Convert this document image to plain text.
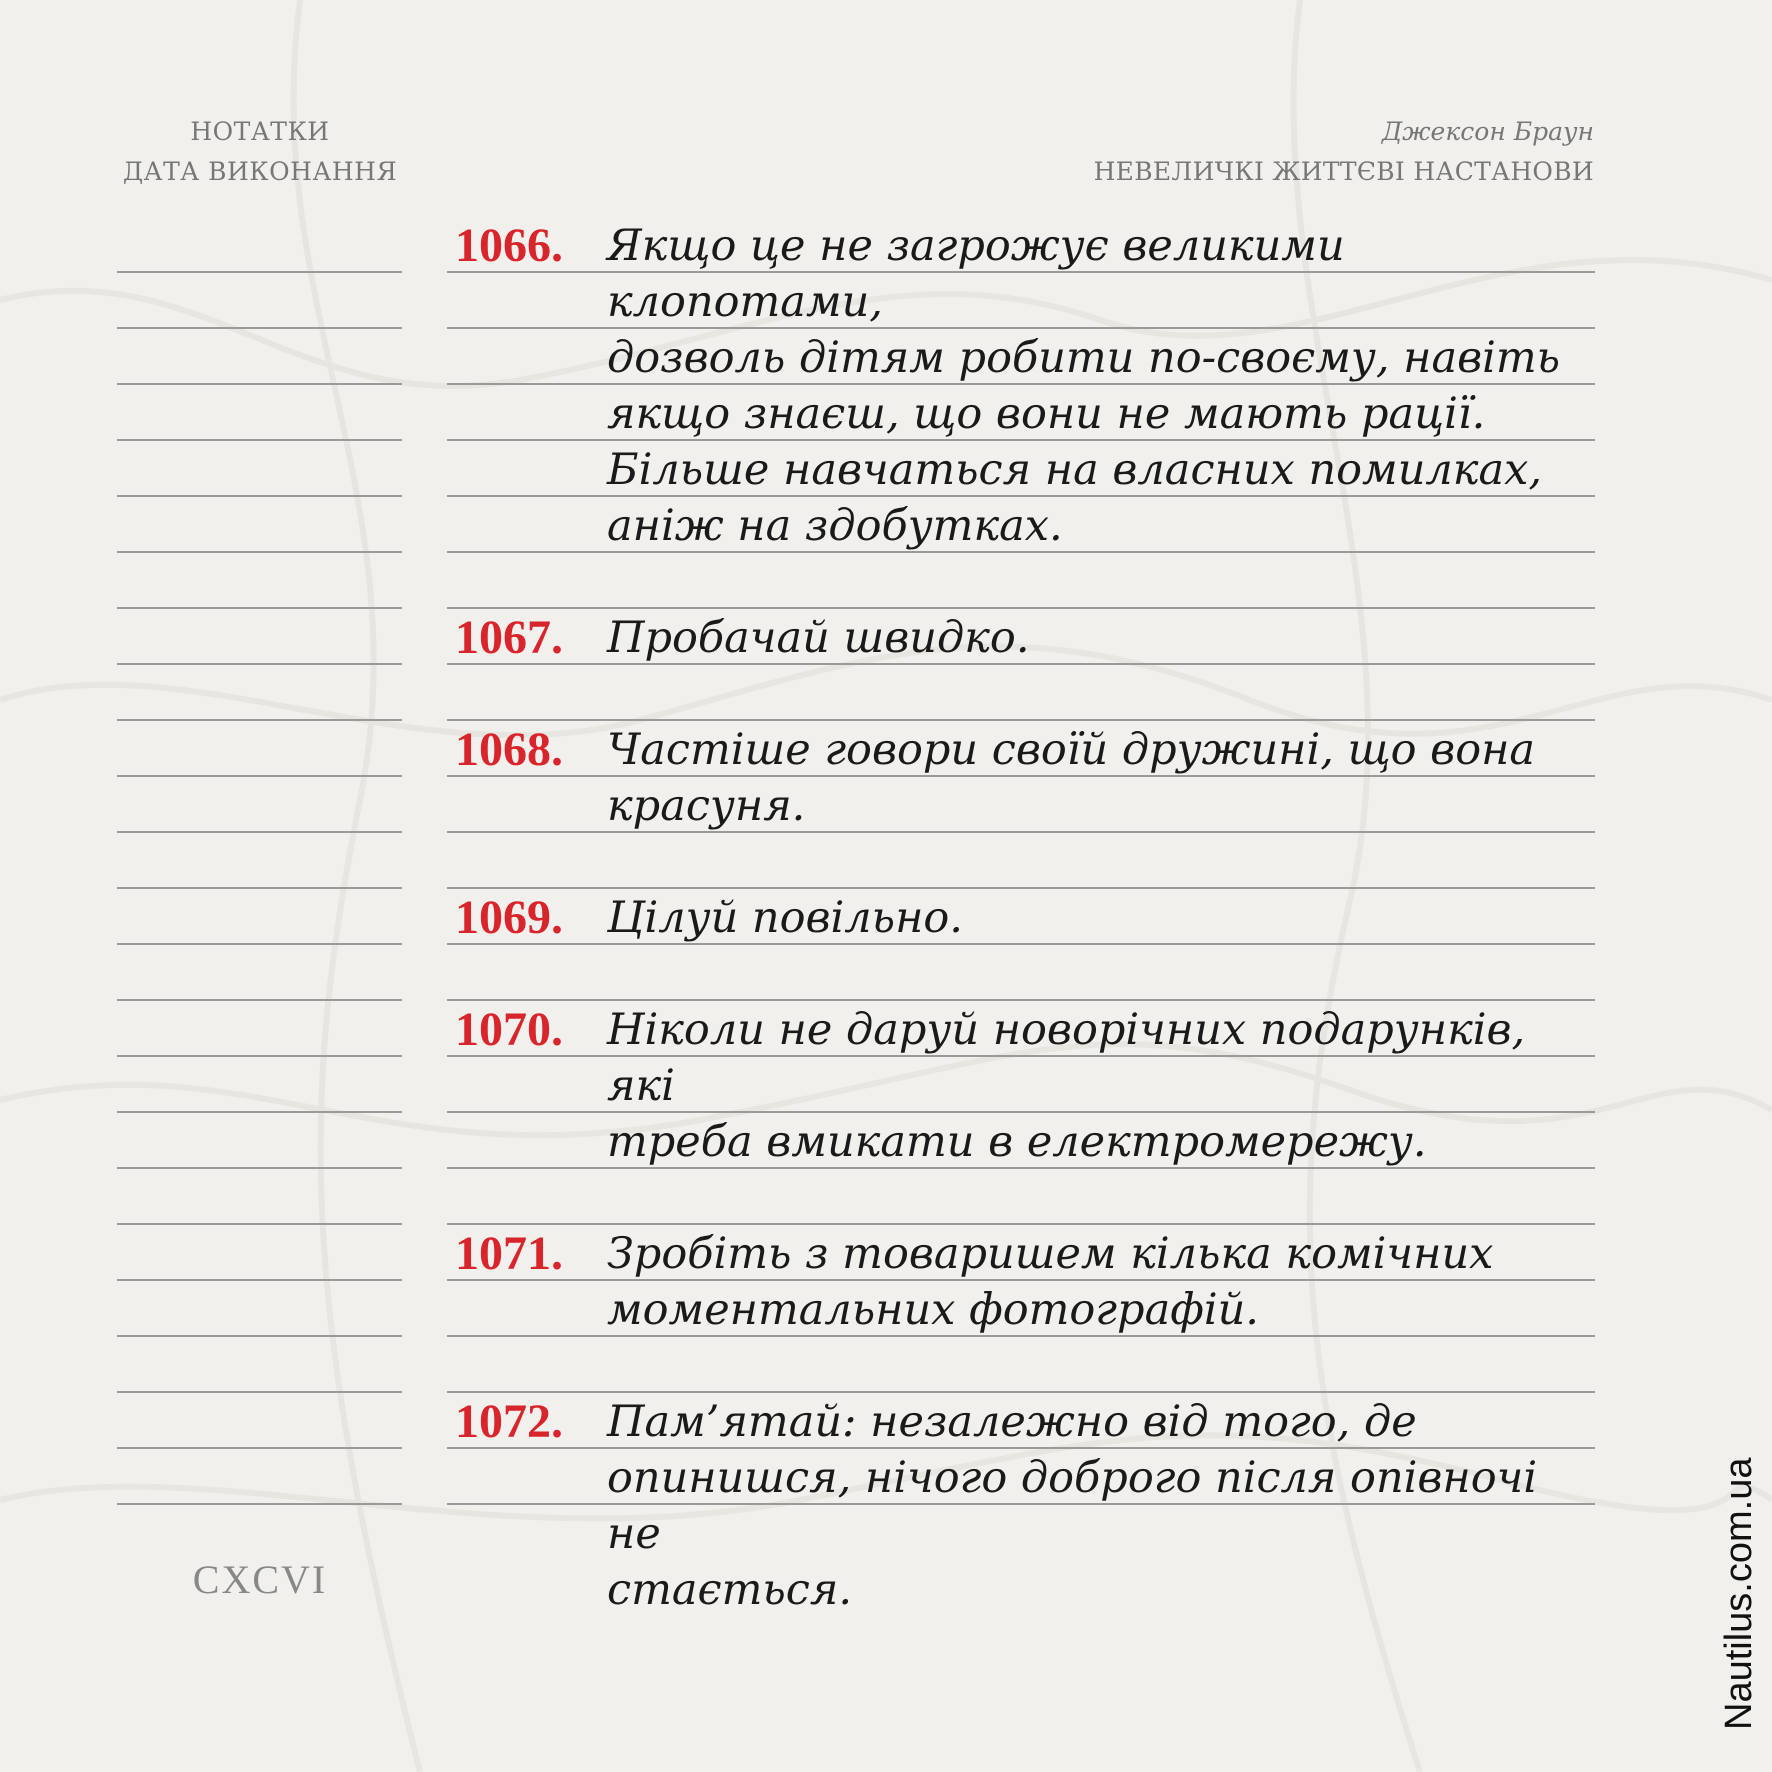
НОТАТКИ
ДАТА ВИКОНАННЯ
Джексон Браун
НЕВЕЛИЧКІ ЖИТТЄВІ НАСТАНОВИ
1066. Якщо це не загрожує великими клопотами,
дозволь дітям робити по-своєму, навіть
якщо знаєш, що вони не мають рації.
Більше навчаться на власних помилках,
аніж на здобутках.
1067. Пробачай швидко.
1068. Частіше говори своїй дружині, що вона
красуня.
1069. Цілуй повільно.
1070. Ніколи не даруй новорічних подарунків, які
треба вмикати в електромережу.
1071. Зробіть з товаришем кілька комічних
моментальних фотографій.
1072. Пам’ятай: незалежно від того, де
опинишся, нічого доброго після опівночі не
стається.
CXCVI	Nautilus.com.ua
